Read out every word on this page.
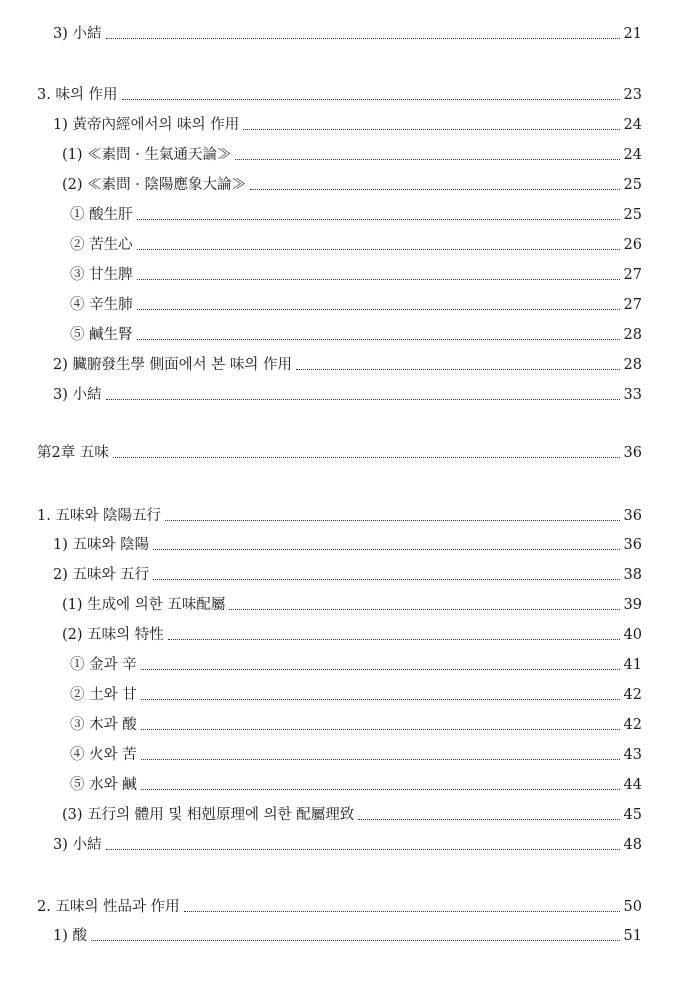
3) 小結	21
3. 味의 作用	23
1) 黃帝內經에서의 味의 作用	24
(1) ≪素問 · 生氣通天論≫	24
(2) ≪素問 · 陰陽應象大論≫	25
① 酸生肝	25
② 苦生心	26
③ 甘生脾	27
④ 辛生肺	27
⑤ 鹹生腎	28
2) 臟腑發生學 側面에서 본 味의 作用	28
3) 小結	33
第2章 五味	36
1. 五味와 陰陽五行	36
1) 五味와 陰陽	36
2) 五味와 五行	38
(1) 生成에 의한 五味配屬	39
(2) 五味의 特性	40
① 金과 辛	41
② 土와 甘	42
③ 木과 酸	42
④ 火와 苦	43
⑤ 水와 鹹	44
(3) 五行의 體用 및 相剋原理에 의한 配屬理致	45
3) 小結	48
2. 五味의 性品과 作用	50
1) 酸	51
